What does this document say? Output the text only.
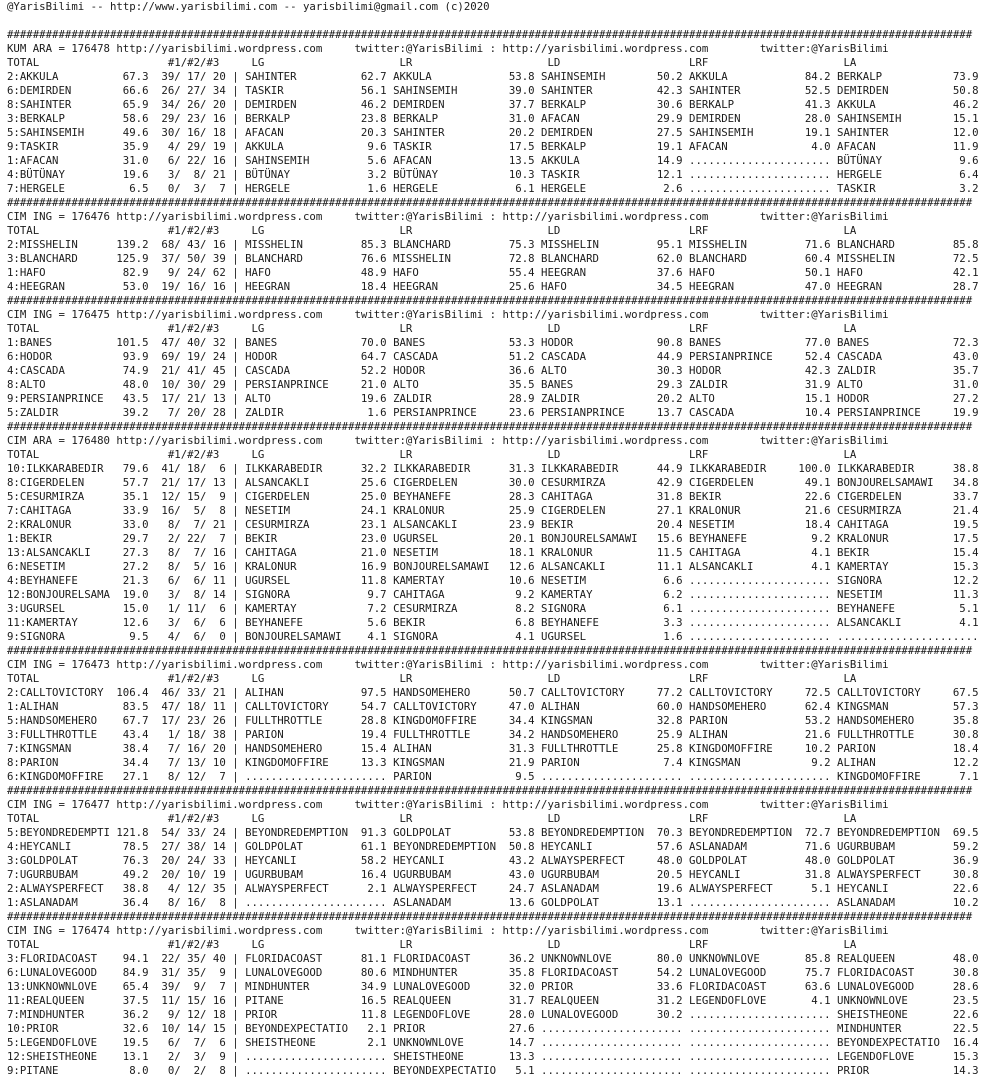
@YarisBilimi -- http://www.yarisbilimi.com -- yarisbilimi@gmail.com (c)2020
######################################################################################################################################################
KUM ARA = 176478 http://yarisbilimi.wordpress.com	twitter:@YarisBilimi : http://yarisbilimi.wordpress.com	twitter:@YarisBilimi
TOTAL	#1/#2/#3	LG	LR	LD	LRF	LA
2:AKKULA	67.3 39 / 17 / 20 | SAHINTER	62.7 AKKULA	53.8 SAHINSEMIH	50.2 AKKULA	84.2 BERKALP	73.9
6:DEMIRDEN	66.6 26 / 27 / 34 | TASKIR	56.1 SAHINSEMIH	39.0 SAHINTER	42.3 SAHINTER	52.5 DEMIRDEN	50.8
8:SAHINTER	65.9 34 / 26 / 20 | DEMIRDEN	46.2 DEMIRDEN	37.7 BERKALP	30.6 BERKALP	41.3 AKKULA	46.2
3:BERKALP	58.6 29 / 23 / 16 | BERKALP	23.8 BERKALP	31.0 AFACAN	29.9 DEMIRDEN	28.0 SAHINSEMIH	15.1
5:SAHINSEMIH	49.6 30 / 16 / 18 | AFACAN	20.3 SAHINTER	20.2 DEMIRDEN	27.5 SAHINSEMIH	19.1 SAHINTER	12.0
9:TASKIR	35.9	4 / 29 / 19 | AKKULA	9.6 TASKIR	17.5 BERKALP	19.1 AFACAN	4.0 AFACAN	11.9
1:AFACAN	31.0	6 / 22 / 16 | SAHINSEMIH	5.6 AFACAN	13.5 AKKULA	14.9 ...................... BÜTÜNAY	9.6
4:BÜTÜNAY	19.6	3 /	8 / 21 | BÜTÜNAY	3.2 BÜTÜNAY	10.3 TASKIR	12.1 ...................... HERGELE	6.4
7:HERGELE	6.5	0 /	3 /	7 | HERGELE	1.6 HERGELE	6.1 HERGELE	2.6 ...................... TASKIR	3.2
######################################################################################################################################################
CIM ING = 176476 http://yarisbilimi.wordpress.com	twitter:@YarisBilimi : http://yarisbilimi.wordpress.com	twitter:@YarisBilimi
TOTAL	#1/#2/#3	LG	LR	LD	LRF	LA
2:MISSHELIN	139.2 68 / 43 / 16 | MISSHELIN	85.3 BLANCHARD	75.3 MISSHELIN	95.1 MISSHELIN	71.6 BLANCHARD	85.8
3:BLANCHARD	125.9 37 / 50 / 39 | BLANCHARD	76.6 MISSHELIN	72.8 BLANCHARD	62.0 BLANCHARD	60.4 MISSHELIN	72.5
1:HAFO	82.9	9 / 24 / 62 | HAFO	48.9 HAFO	55.4 HEEGRAN	37.6 HAFO	50.1 HAFO	42.1
4:HEEGRAN	53.0 19 / 16 / 16 | HEEGRAN	18.4 HEEGRAN	25.6 HAFO	34.5 HEEGRAN	47.0 HEEGRAN	28.7
######################################################################################################################################################
CIM ING = 176475 http://yarisbilimi.wordpress.com	twitter:@YarisBilimi : http://yarisbilimi.wordpress.com	twitter:@YarisBilimi
TOTAL	#1/#2/#3	LG	LR	LD	LRF	LA
1:BANES	101.5 47 / 40 / 32 | BANES	70.0 BANES	53.3 HODOR	90.8 BANES	77.0 BANES	72.3
6:HODOR	93.9 69 / 19 / 24 | HODOR	64.7 CASCADA	51.2 CASCADA	44.9 PERSIANPRINCE	52.4 CASCADA	43.0
4:CASCADA	74.9 21 / 41 / 45 | CASCADA	52.2 HODOR	36.6 ALTO	30.3 HODOR	42.3 ZALDIR	35.7
8:ALTO	48.0 10 / 30 / 29 | PERSIANPRINCE	21.0 ALTO	35.5 BANES	29.3 ZALDIR	31.9 ALTO	31.0
9:PERSIANPRINCE	43.5 17 / 21 / 13 | ALTO	19.6 ZALDIR	28.9 ZALDIR	20.2 ALTO	15.1 HODOR	27.2
5:ZALDIR	39.2	7 / 20 / 28 | ZALDIR	1.6 PERSIANPRINCE	23.6 PERSIANPRINCE	13.7 CASCADA	10.4 PERSIANPRINCE	19.9
######################################################################################################################################################
CIM ARA = 176480 http://yarisbilimi.wordpress.com	twitter:@YarisBilimi : http://yarisbilimi.wordpress.com	twitter:@YarisBilimi
TOTAL	#1/#2/#3	LG	LR	LD	LRF	LA
10:ILKKARABEDIR	79.6 41 / 18 /	6 | ILKKARABEDIR	32.2 ILKKARABEDIR	31.3 ILKKARABEDIR	44.9 ILKKARABEDIR	100.0 ILKKARABEDIR	38.8
8:CIGERDELEN	57.7 21 / 17 / 13 | ALSANCAKLI	25.6 CIGERDELEN	30.0 CESURMIRZA	42.9 CIGERDELEN	49.1 BONJOURELSAMAWI	34.8
5:CESURMIRZA	35.1 12 / 15 /	9 | CIGERDELEN	25.0 BEYHANEFE	28.3 CAHITAGA	31.8 BEKIR	22.6 CIGERDELEN	33.7
7:CAHITAGA	33.9 16 /	5 /	8 | NESETIM	24.1 KRALONUR	25.9 CIGERDELEN	27.1 KRALONUR	21.6 CESURMIRZA	21.4
2:KRALONUR	33.0	8 /	7 / 21 | CESURMIRZA	23.1 ALSANCAKLI	23.9 BEKIR	20.4 NESETIM	18.4 CAHITAGA	19.5
1:BEKIR	29.7	2 / 22 /	7 | BEKIR	23.0 UGURSEL	20.1 BONJOURELSAMAWI	15.6 BEYHANEFE	9.2 KRALONUR	17.5
13:ALSANCAKLI	27.3	8 /	7 / 16 | CAHITAGA	21.0 NESETIM	18.1 KRALONUR	11.5 CAHITAGA	4.1 BEKIR	15.4
6:NESETIM	27.2	8 /	5 / 16 | KRALONUR	16.9 BONJOURELSAMAWI	12.6 ALSANCAKLI	11.1 ALSANCAKLI	4.1 KAMERTAY	15.3
4:BEYHANEFE	21.3	6 /	6 / 11 | UGURSEL	11.8 KAMERTAY	10.6 NESETIM	6.6 ...................... SIGNORA	12.2
12:BONJOURELSAMA	19.0	3 /	8 / 14 | SIGNORA	9.7 CAHITAGA	9.2 KAMERTAY	6.2 ...................... NESETIM	11.3
3:UGURSEL	15.0	1 / 11 /	6 | KAMERTAY	7.2 CESURMIRZA	8.2 SIGNORA	6.1 ...................... BEYHANEFE	5.1
11:KAMERTAY	12.6	3 /	6 /	6 | BEYHANEFE	5.6 BEKIR	6.8 BEYHANEFE	3.3 ...................... ALSANCAKLI	4.1
9:SIGNORA	9.5	4 /	6 /	0 | BONJOURELSAMAWI	4.1 SIGNORA	4.1 UGURSEL	1.6 ...................... ......................
######################################################################################################################################################
CIM ING = 176473 http://yarisbilimi.wordpress.com	twitter:@YarisBilimi : http://yarisbilimi.wordpress.com	twitter:@YarisBilimi
TOTAL	#1/#2/#3	LG	LR	LD	LRF	LA
2:CALLTOVICTORY 106.4 46 / 33 / 21 | ALIHAN	97.5 HANDSOMEHERO	50.7 CALLTOVICTORY	77.2 CALLTOVICTORY	72.5 CALLTOVICTORY	67.5
1:ALIHAN	83.5 47 / 18 / 11 | CALLTOVICTORY	54.7 CALLTOVICTORY	47.0 ALIHAN	60.0 HANDSOMEHERO	62.4 KINGSMAN	57.3
5:HANDSOMEHERO	67.7 17 / 23 / 26 | FULLTHROTTLE	28.8 KINGDOMOFFIRE	34.4 KINGSMAN	32.8 PARION	53.2 HANDSOMEHERO	35.8
3:FULLTHROTTLE	43.4	1 / 18 / 38 | PARION	19.4 FULLTHROTTLE	34.2 HANDSOMEHERO	25.9 ALIHAN	21.6 FULLTHROTTLE	30.8
7:KINGSMAN	38.4	7 / 16 / 20 | HANDSOMEHERO	15.4 ALIHAN	31.3 FULLTHROTTLE	25.8 KINGDOMOFFIRE	10.2 PARION	18.4
8:PARION	34.4	7 / 13 / 10 | KINGDOMOFFIRE	13.3 KINGSMAN	21.9 PARION	7.4 KINGSMAN	9.2 ALIHAN	12.2
6:KINGDOMOFFIRE	27.1	8 / 12 /	7 | ...................... PARION	9.5 ...................... ...................... KINGDOMOFFIRE	7.1
######################################################################################################################################################
CIM ING = 176477 http://yarisbilimi.wordpress.com	twitter:@YarisBilimi : http://yarisbilimi.wordpress.com	twitter:@YarisBilimi
TOTAL	#1/#2/#3	LG	LR	LD	LRF	LA
5:BEYONDREDEMPTI 121.8 54 / 33 / 24 | BEYONDREDEMPTION	91.3 GOLDPOLAT	53.8 BEYONDREDEMPTION	70.3 BEYONDREDEMPTION	72.7 BEYONDREDEMPTION	69.5
4:HEYCANLI	78.5 27 / 38 / 14 | GOLDPOLAT	61.1 BEYONDREDEMPTION	50.8 HEYCANLI	57.6 ASLANADAM	71.6 UGURBUBAM	59.2
3:GOLDPOLAT	76.3 20 / 24 / 33 | HEYCANLI	58.2 HEYCANLI	43.2 ALWAYSPERFECT	48.0 GOLDPOLAT	48.0 GOLDPOLAT	36.9
7:UGURBUBAM	49.2 20 / 10 / 19 | UGURBUBAM	16.4 UGURBUBAM	43.0 UGURBUBAM	20.5 HEYCANLI	31.8 ALWAYSPERFECT	30.8
2:ALWAYSPERFECT	38.8	4 / 12 / 35 | ALWAYSPERFECT	2.1 ALWAYSPERFECT	24.7 ASLANADAM	19.6 ALWAYSPERFECT	5.1 HEYCANLI	22.6
1:ASLANADAM	36.4	8 / 16 /	8 | ...................... ASLANADAM	13.6 GOLDPOLAT	13.1 ...................... ASLANADAM	10.2
######################################################################################################################################################
CIM ING = 176474 http://yarisbilimi.wordpress.com	twitter:@YarisBilimi : http://yarisbilimi.wordpress.com	twitter:@YarisBilimi
TOTAL	#1/#2/#3	LG	LR	LD	LRF	LA
3:FLORIDACOAST	94.1 22 / 35 / 40 | FLORIDACOAST	81.1 FLORIDACOAST	36.2 UNKNOWNLOVE	80.0 UNKNOWNLOVE	85.8 REALQUEEN	48.0
6:LUNALOVEGOOD	84.9 31 / 35 /	9 | LUNALOVEGOOD	80.6 MINDHUNTER	35.8 FLORIDACOAST	54.2 LUNALOVEGOOD	75.7 FLORIDACOAST	30.8
13:UNKNOWNLOVE	65.4 39 /	9 /	7 | MINDHUNTER	34.9 LUNALOVEGOOD	32.0 PRIOR	33.6 FLORIDACOAST	63.6 LUNALOVEGOOD	28.6
11:REALQUEEN	37.5 11 / 15 / 16 | PITANE	16.5 REALQUEEN	31.7 REALQUEEN	31.2 LEGENDOFLOVE	4.1 UNKNOWNLOVE	23.5
7:MINDHUNTER	36.2	9 / 12 / 18 | PRIOR	11.8 LEGENDOFLOVE	28.0 LUNALOVEGOOD	30.2 ...................... SHEISTHEONE	22.6
10:PRIOR	32.6 10 / 14 / 15 | BEYONDEXPECTATIO	2.1 PRIOR	27.6 ...................... ...................... MINDHUNTER	22.5
5:LEGENDOFLOVE	19.5	6 /	7 /	6 | SHEISTHEONE	2.1 UNKNOWNLOVE	14.7 ...................... ...................... BEYONDEXPECTATIO	16.4
12:SHEISTHEONE	13.1	2 /	3 /	9 | ...................... SHEISTHEONE	13.3 ...................... ...................... LEGENDOFLOVE	15.3
9:PITANE	8.0	0 /	2 /	8 | ...................... BEYONDEXPECTATIO	5.1 ...................... ...................... PRIOR	14.3
